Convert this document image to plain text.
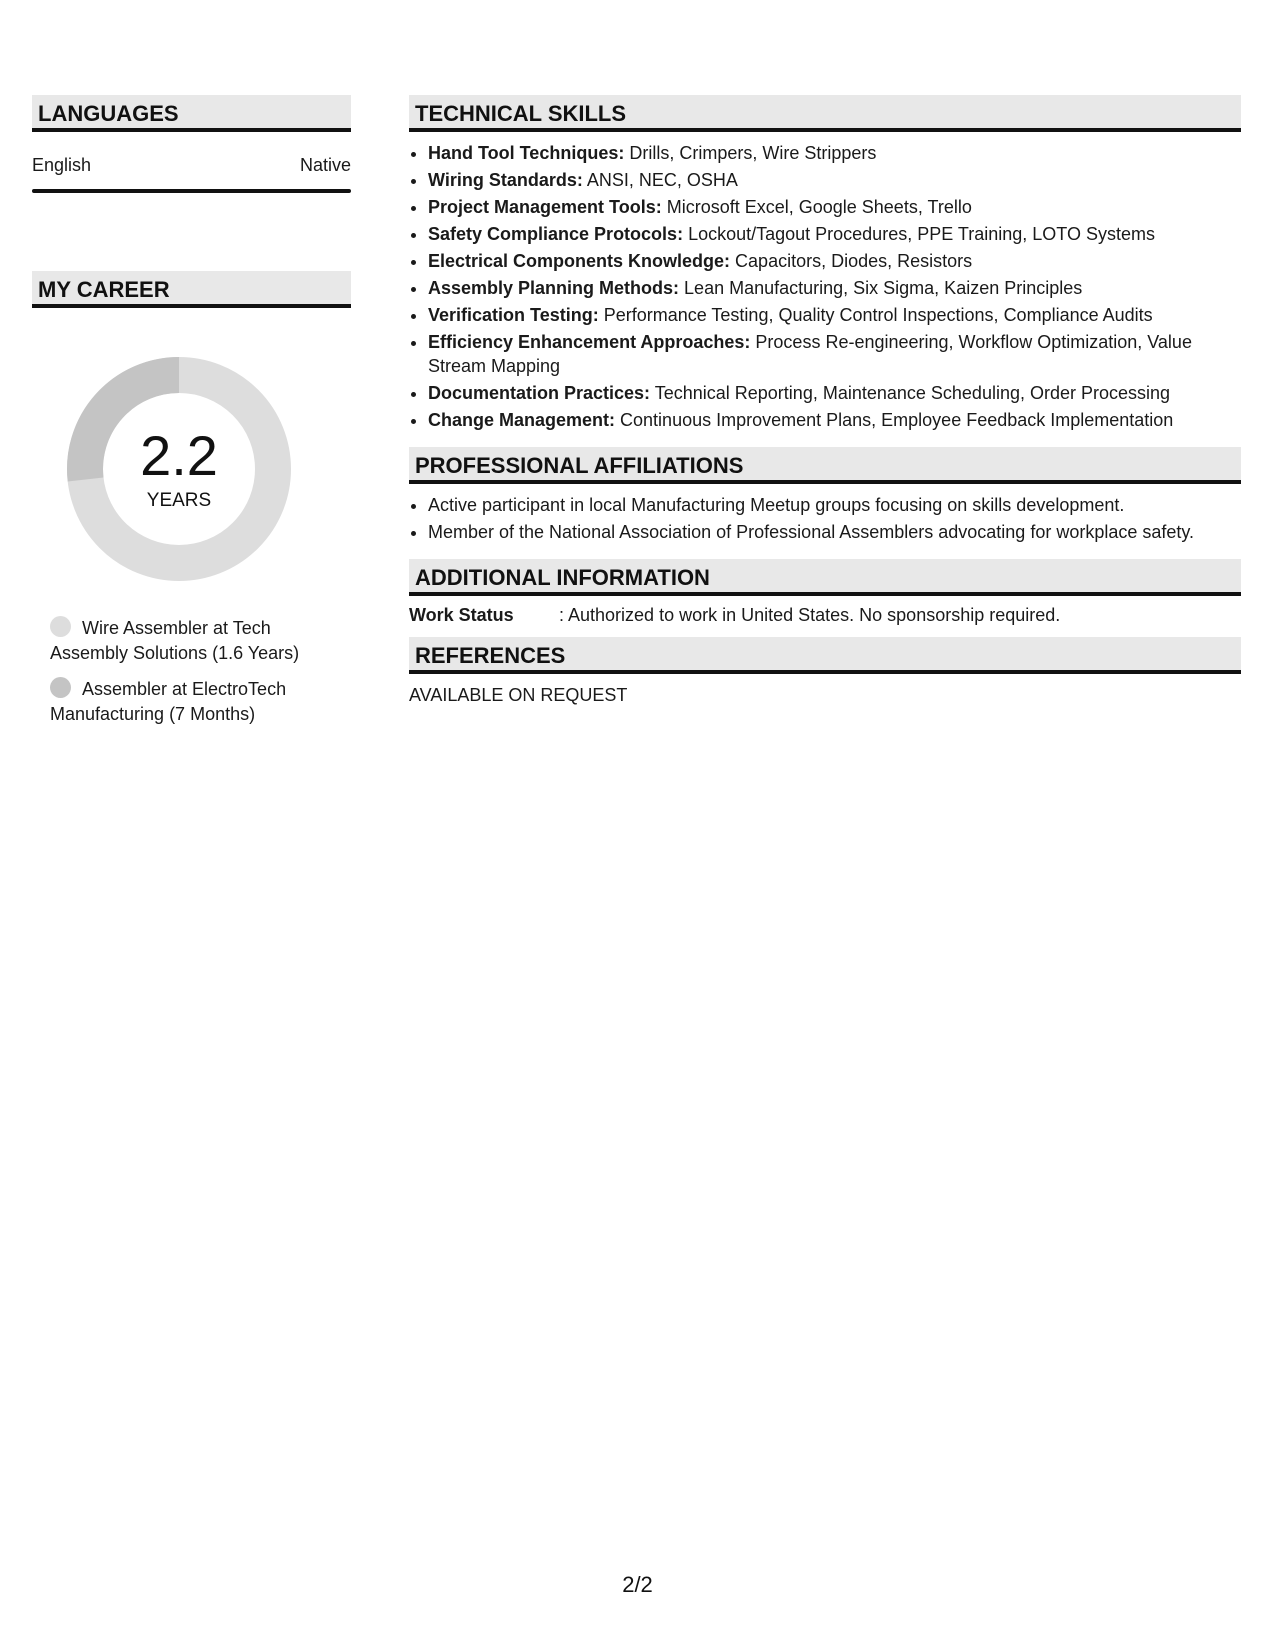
LANGUAGES
English	Native
MY CAREER
2.2
YEARS
Wire Assembler at Tech Assembly Solutions (1.6 Years)
Assembler at ElectroTech Manufacturing (7 Months)
TECHNICAL SKILLS
• Hand Tool Techniques: Drills, Crimpers, Wire Strippers
• Wiring Standards: ANSI, NEC, OSHA
• Project Management Tools: Microsoft Excel, Google Sheets, Trello
• Safety Compliance Protocols: Lockout/Tagout Procedures, PPE Training, LOTO Systems
• Electrical Components Knowledge: Capacitors, Diodes, Resistors
• Assembly Planning Methods: Lean Manufacturing, Six Sigma, Kaizen Principles
• Verification Testing: Performance Testing, Quality Control Inspections, Compliance Audits
• Efficiency Enhancement Approaches: Process Re-engineering, Workflow Optimization, Value Stream Mapping
• Documentation Practices: Technical Reporting, Maintenance Scheduling, Order Processing
• Change Management: Continuous Improvement Plans, Employee Feedback Implementation
PROFESSIONAL AFFILIATIONS
• Active participant in local Manufacturing Meetup groups focusing on skills development.
• Member of the National Association of Professional Assemblers advocating for workplace safety.
ADDITIONAL INFORMATION
Work Status	: Authorized to work in United States. No sponsorship required.
REFERENCES
AVAILABLE ON REQUEST
2/2
